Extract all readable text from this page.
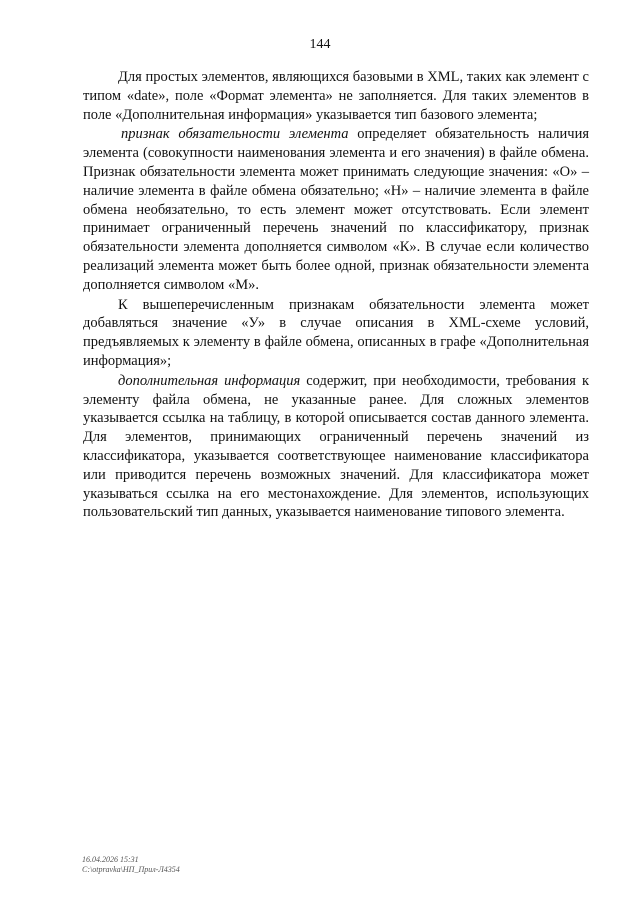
144

Для простых элементов, являющихся базовыми в XML, таких как элемент с типом «date», поле «Формат элемента» не заполняется. Для таких элементов в поле «Дополнительная информация» указывается тип базового элемента;

признак обязательности элемента определяет обязательность наличия элемента (совокупности наименования элемента и его значения) в файле обмена. Признак обязательности элемента может принимать следующие значения: «О» – наличие элемента в файле обмена обязательно; «Н» – наличие элемента в файле обмена необязательно, то есть элемент может отсутствовать. Если элемент принимает ограниченный перечень значений по классификатору, признак обязательности элемента дополняется символом «К». В случае если количество реализаций элемента может быть более одной, признак обязательности элемента дополняется символом «М».

К вышеперечисленным признакам обязательности элемента может добавляться значение «У» в случае описания в XML-схеме условий, предъявляемых к элементу в файле обмена, описанных в графе «Дополнительная информация»;

дополнительная информация содержит, при необходимости, требования к элементу файла обмена, не указанные ранее. Для сложных элементов указывается ссылка на таблицу, в которой описывается состав данного элемента. Для элементов, принимающих ограниченный перечень значений из классификатора, указывается соответствующее наименование классификатора или приводится перечень возможных значений. Для классификатора может указываться ссылка на его местонахождение. Для элементов, использующих пользовательский тип данных, указывается наименование типового элемента.

16.04.2026 15:31
C:\otpravka\НП_Прил-Л4354
